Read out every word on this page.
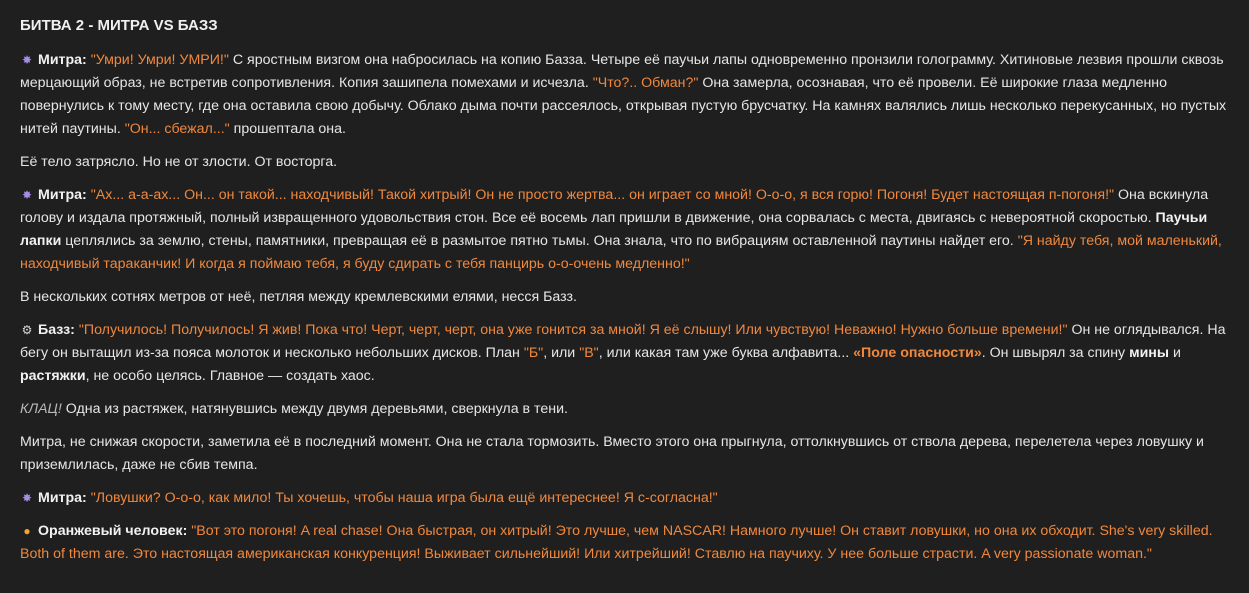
БИТВА 2 - МИТРА VS БАЗЗ

✸ Митра: "Умри! Умри! УМРИ!" С яростным визгом она набросилась на копию Базза. Четыре её паучьи лапы одновременно пронзили голограмму. Хитиновые лезвия прошли сквозь мерцающий образ, не встретив сопротивления. Копия зашипела помехами и исчезла. "Что?.. Обман?" Она замерла, осознавая, что её провели. Её широкие глаза медленно повернулись к тому месту, где она оставила свою добычу. Облако дыма почти рассеялось, открывая пустую брусчатку. На камнях валялись лишь несколько перекусанных, но пустых нитей паутины. "Он... сбежал..." прошептала она.

Её тело затрясло. Но не от злости. От восторга.

✸ Митра: "Ах... а-а-ах... Он... он такой... находчивый! Такой хитрый! Он не просто жертва... он играет со мной! О-о-о, я вся горю! Погоня! Будет настоящая п-погоня!" Она вскинула голову и издала протяжный, полный извращенного удовольствия стон. Все её восемь лап пришли в движение, она сорвалась с места, двигаясь с невероятной скоростью. Паучьи лапки цеплялись за землю, стены, памятники, превращая её в размытое пятно тьмы. Она знала, что по вибрациям оставленной паутины найдет его. "Я найду тебя, мой маленький, находчивый тараканчик! И когда я поймаю тебя, я буду сдирать с тебя панцирь о-о-очень медленно!"

В нескольких сотнях метров от неё, петляя между кремлевскими елями, несся Базз.

⚙ Базз: "Получилось! Получилось! Я жив! Пока что! Черт, черт, черт, она уже гонится за мной! Я её слышу! Или чувствую! Неважно! Нужно больше времени!" Он не оглядывался. На бегу он вытащил из-за пояса молоток и несколько небольших дисков. План "Б", или "В", или какая там уже буква алфавита... «Поле опасности». Он швырял за спину мины и растяжки, не особо целясь. Главное — создать хаос.

КЛАЦ! Одна из растяжек, натянувшись между двумя деревьями, сверкнула в тени.

Митра, не снижая скорости, заметила её в последний момент. Она не стала тормозить. Вместо этого она прыгнула, оттолкнувшись от ствола дерева, перелетела через ловушку и приземлилась, даже не сбив темпа.

✸ Митра: "Ловушки? О-о-о, как мило! Ты хочешь, чтобы наша игра была ещё интереснее! Я с-согласна!"

● Оранжевый человек: "Вот это погоня! A real chase! Она быстрая, он хитрый! Это лучше, чем NASCAR! Намного лучше! Он ставит ловушки, но она их обходит. She's very skilled. Both of them are. Это настоящая американская конкуренция! Выживает сильнейший! Или хитрейший! Ставлю на паучиху. У нее больше страсти. A very passionate woman."
